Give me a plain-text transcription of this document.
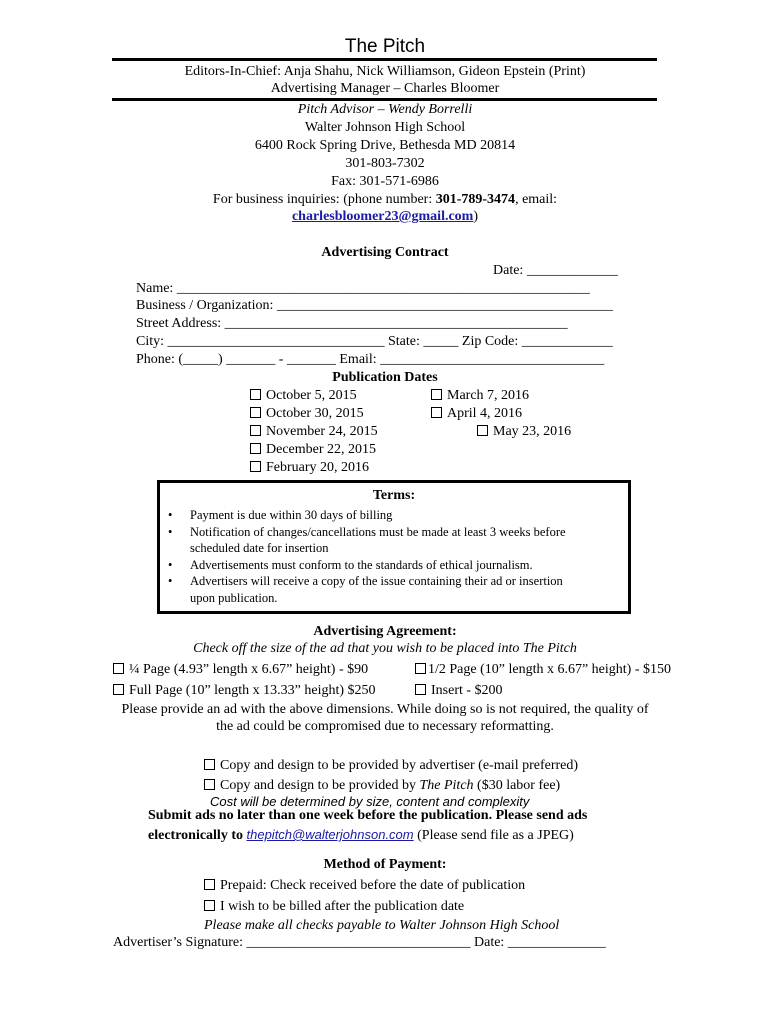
The Pitch
Editors-In-Chief: Anja Shahu, Nick Williamson, Gideon Epstein (Print)
Advertising Manager – Charles Bloomer
Pitch Advisor – Wendy Borrelli
Walter Johnson High School
6400 Rock Spring Drive, Bethesda MD 20814
301-803-7302
Fax: 301-571-6986
For business inquiries: (phone number: 301-789-3474, email:
charlesbloomer23@gmail.com)
Advertising Contract
Date: _____________
Name: ___________________________________________________________
Business / Organization: ________________________________________________
Street Address: _________________________________________________
City: _______________________________ State: _____ Zip Code: _____________
Phone: (_____) _______ - _______ Email: ________________________________
Publication Dates
October 5, 2015
October 30, 2015
November 24, 2015
December 22, 2015
February 20, 2016
March 7, 2016
April 4, 2016
May 23, 2016
Terms:
• Payment is due within 30 days of billing
• Notification of changes/cancellations must be made at least 3 weeks before
scheduled date for insertion
• Advertisements must conform to the standards of ethical journalism.
• Advertisers will receive a copy of the issue containing their ad or insertion
upon publication.
Advertising Agreement:
Check off the size of the ad that you wish to be placed into The Pitch
¼ Page (4.93” length x 6.67” height) - $90	1/2 Page (10” length x 6.67” height) - $150
Full Page (10” length x 13.33” height) $250	Insert - $200
Please provide an ad with the above dimensions. While doing so is not required, the quality of
the ad could be compromised due to necessary reformatting.
Copy and design to be provided by advertiser (e-mail preferred)
Copy and design to be provided by The Pitch ($30 labor fee)
Cost will be determined by size, content and complexity
Submit ads no later than one week before the publication. Please send ads
electronically to thepitch@walterjohnson.com (Please send file as a JPEG)
Method of Payment:
Prepaid: Check received before the date of publication
I wish to be billed after the publication date
Please make all checks payable to Walter Johnson High School
Advertiser’s Signature: ________________________________ Date: ______________
